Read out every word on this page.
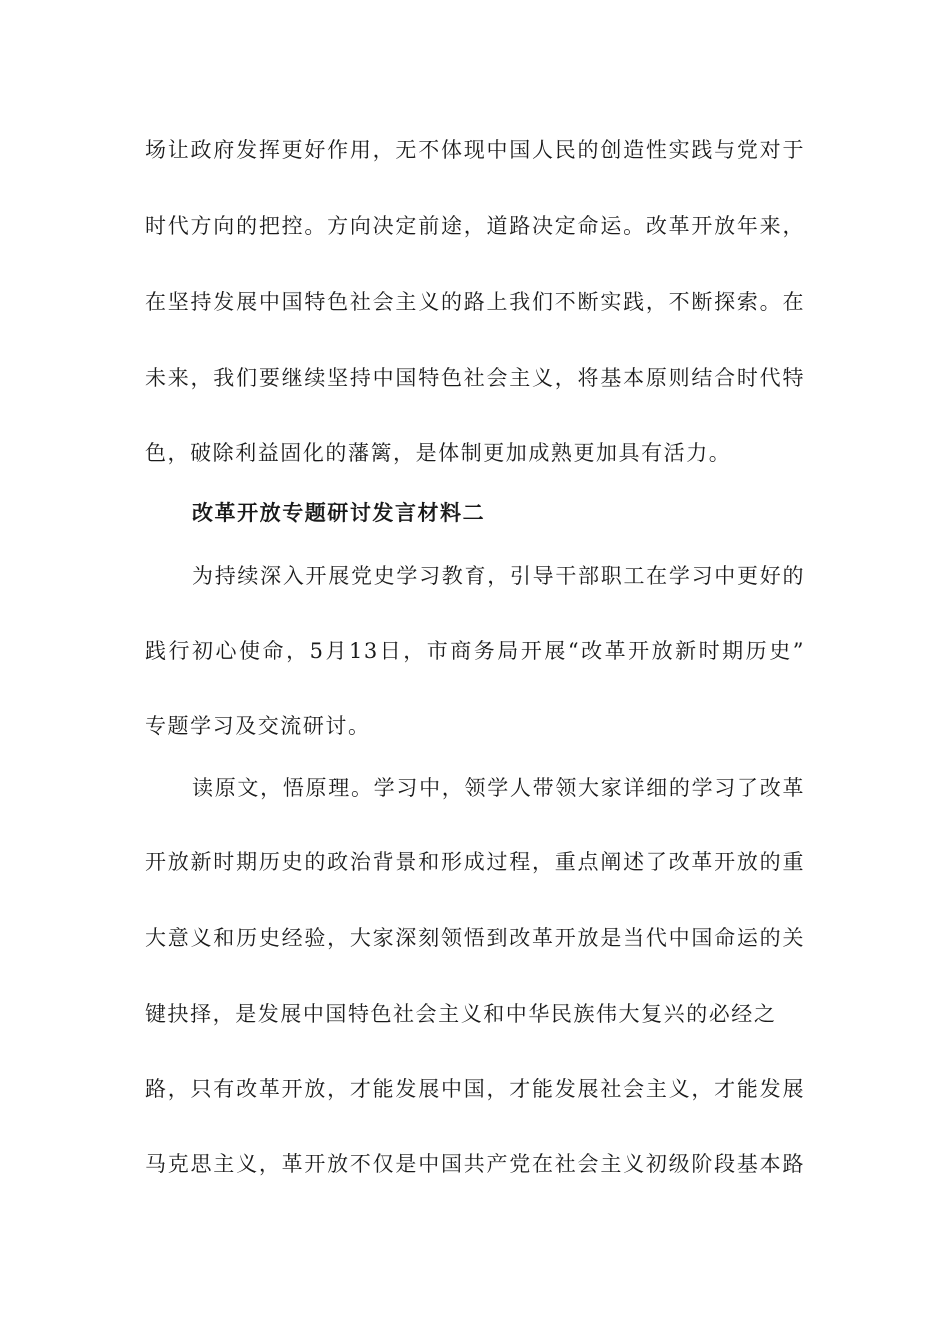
场让政府发挥更好作用，无不体现中国人民的创造性实践与党对于
时代方向的把控。方向决定前途，道路决定命运。改革开放年来，
在坚持发展中国特色社会主义的路上我们不断实践，不断探索。在
未来，我们要继续坚持中国特色社会主义，将基本原则结合时代特
色，破除利益固化的藩篱，是体制更加成熟更加具有活力。
改革开放专题研讨发言材料二
为持续深入开展党史学习教育，引导干部职工在学习中更好的
践行初心使命，5月13日，市商务局开展“改革开放新时期历史”
专题学习及交流研讨。
读原文，悟原理。学习中，领学人带领大家详细的学习了改革
开放新时期历史的政治背景和形成过程，重点阐述了改革开放的重
大意义和历史经验，大家深刻领悟到改革开放是当代中国命运的关
键抉择，是发展中国特色社会主义和中华民族伟大复兴的必经之
路，只有改革开放，才能发展中国，才能发展社会主义，才能发展
马克思主义，革开放不仅是中国共产党在社会主义初级阶段基本路
